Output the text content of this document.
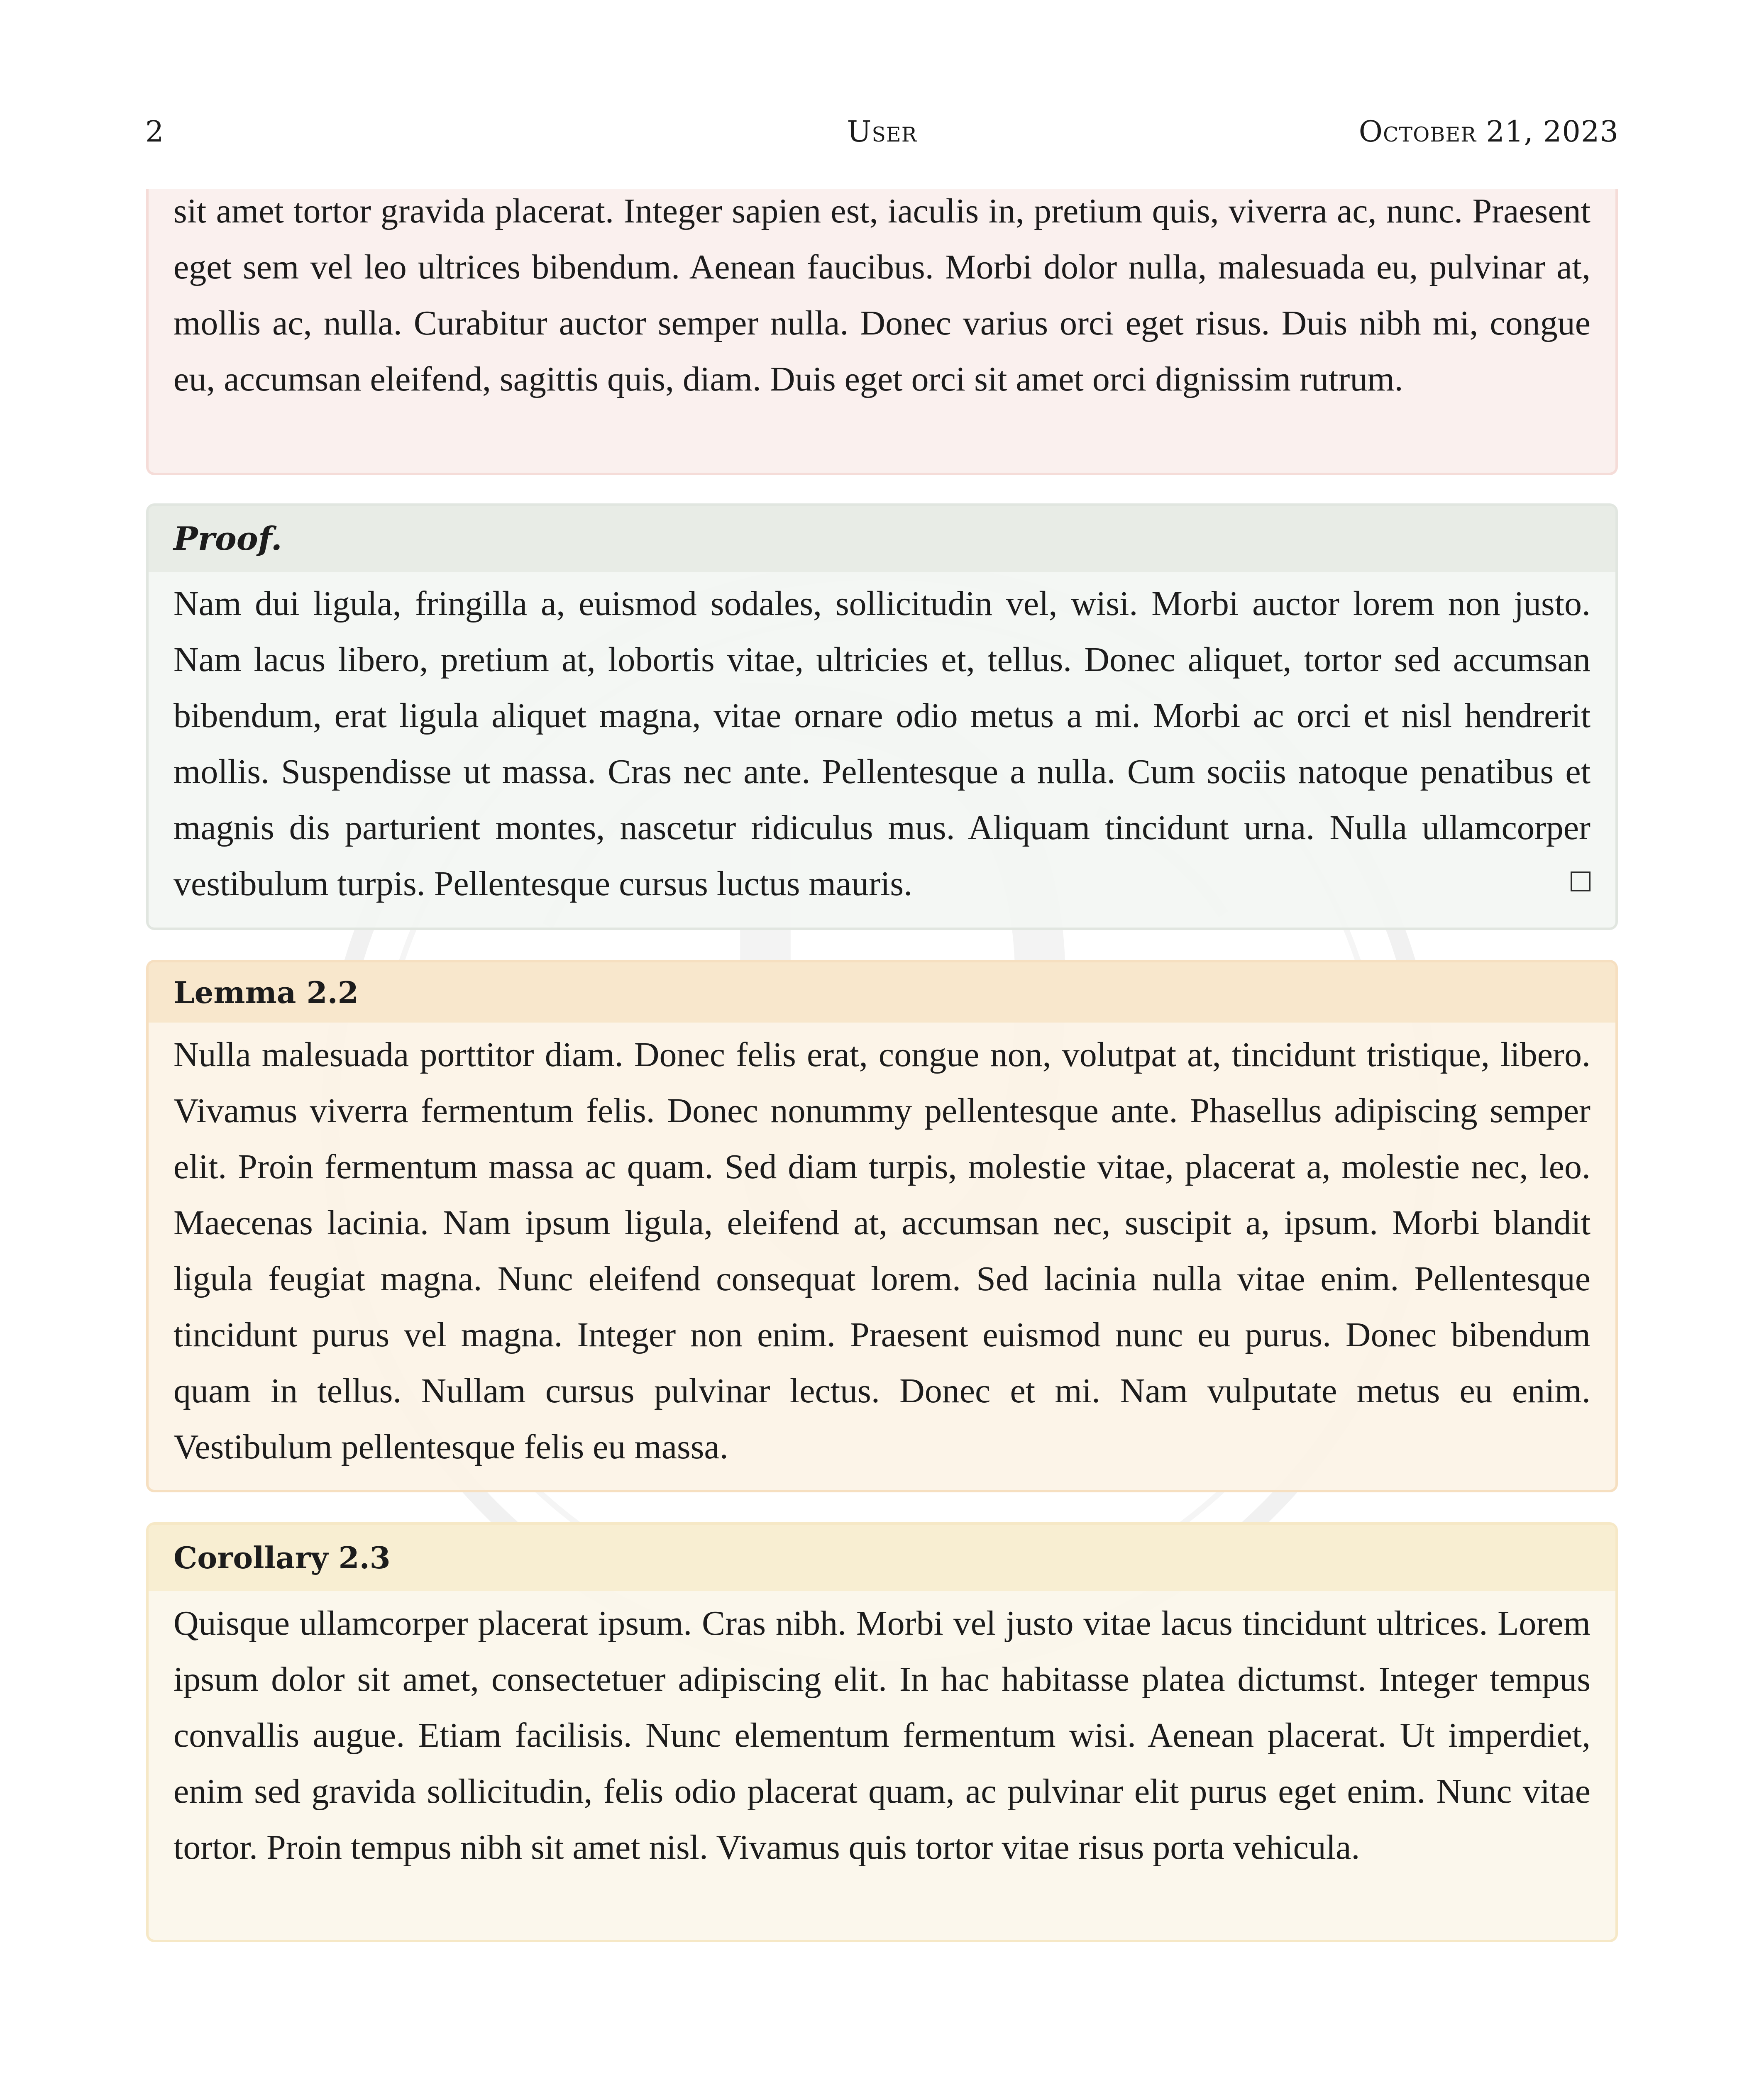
2	User	October 21, 2023
sit amet tortor gravida placerat. Integer sapien est, iaculis in, pretium quis, viverra ac, nunc. Praesent eget sem vel leo ultrices bibendum. Aenean faucibus. Morbi dolor nulla, malesuada eu, pulvinar at, mollis ac, nulla. Curabitur auctor semper nulla. Donec varius orci eget risus. Duis nibh mi, congue eu, accumsan eleifend, sagittis quis, diam. Duis eget orci sit amet orci dignissim rutrum.
Proof.
Nam dui ligula, fringilla a, euismod sodales, sollicitudin vel, wisi. Morbi auctor lorem non justo. Nam lacus libero, pretium at, lobortis vitae, ultricies et, tellus. Donec aliquet, tortor sed accumsan bibendum, erat ligula aliquet magna, vitae ornare odio metus a mi. Morbi ac orci et nisl hendrerit mollis. Suspendisse ut massa. Cras nec ante. Pellentesque a nulla. Cum sociis natoque penatibus et magnis dis parturient montes, nascetur ridiculus mus. Aliquam tincidunt urna. Nulla ullamcorper vestibulum turpis. Pellentesque cursus luctus mauris.
Lemma 2.2
Nulla malesuada porttitor diam. Donec felis erat, congue non, volutpat at, tincidunt tristique, libero. Vivamus viverra fermentum felis. Donec nonummy pellentesque ante. Phasellus adipiscing semper elit. Proin fermentum massa ac quam. Sed diam turpis, molestie vitae, placerat a, molestie nec, leo. Maecenas lacinia. Nam ipsum ligula, eleifend at, accumsan nec, suscipit a, ipsum. Morbi blandit ligula feugiat magna. Nunc eleifend consequat lorem. Sed lacinia nulla vitae enim. Pellentesque tincidunt purus vel magna. Integer non enim. Praesent euismod nunc eu purus. Donec bibendum quam in tellus. Nullam cursus pulvinar lectus. Donec et mi. Nam vulputate metus eu enim. Vestibulum pellentesque felis eu massa.
Corollary 2.3
Quisque ullamcorper placerat ipsum. Cras nibh. Morbi vel justo vitae lacus tincidunt ultrices. Lorem ipsum dolor sit amet, consectetuer adipiscing elit. In hac habitasse platea dictumst. Integer tempus convallis augue. Etiam facilisis. Nunc elementum fermentum wisi. Aenean placerat. Ut imperdiet, enim sed gravida sollicitudin, felis odio placerat quam, ac pulvinar elit purus eget enim. Nunc vitae tortor. Proin tempus nibh sit amet nisl. Vivamus quis tortor vitae risus porta vehicula.
